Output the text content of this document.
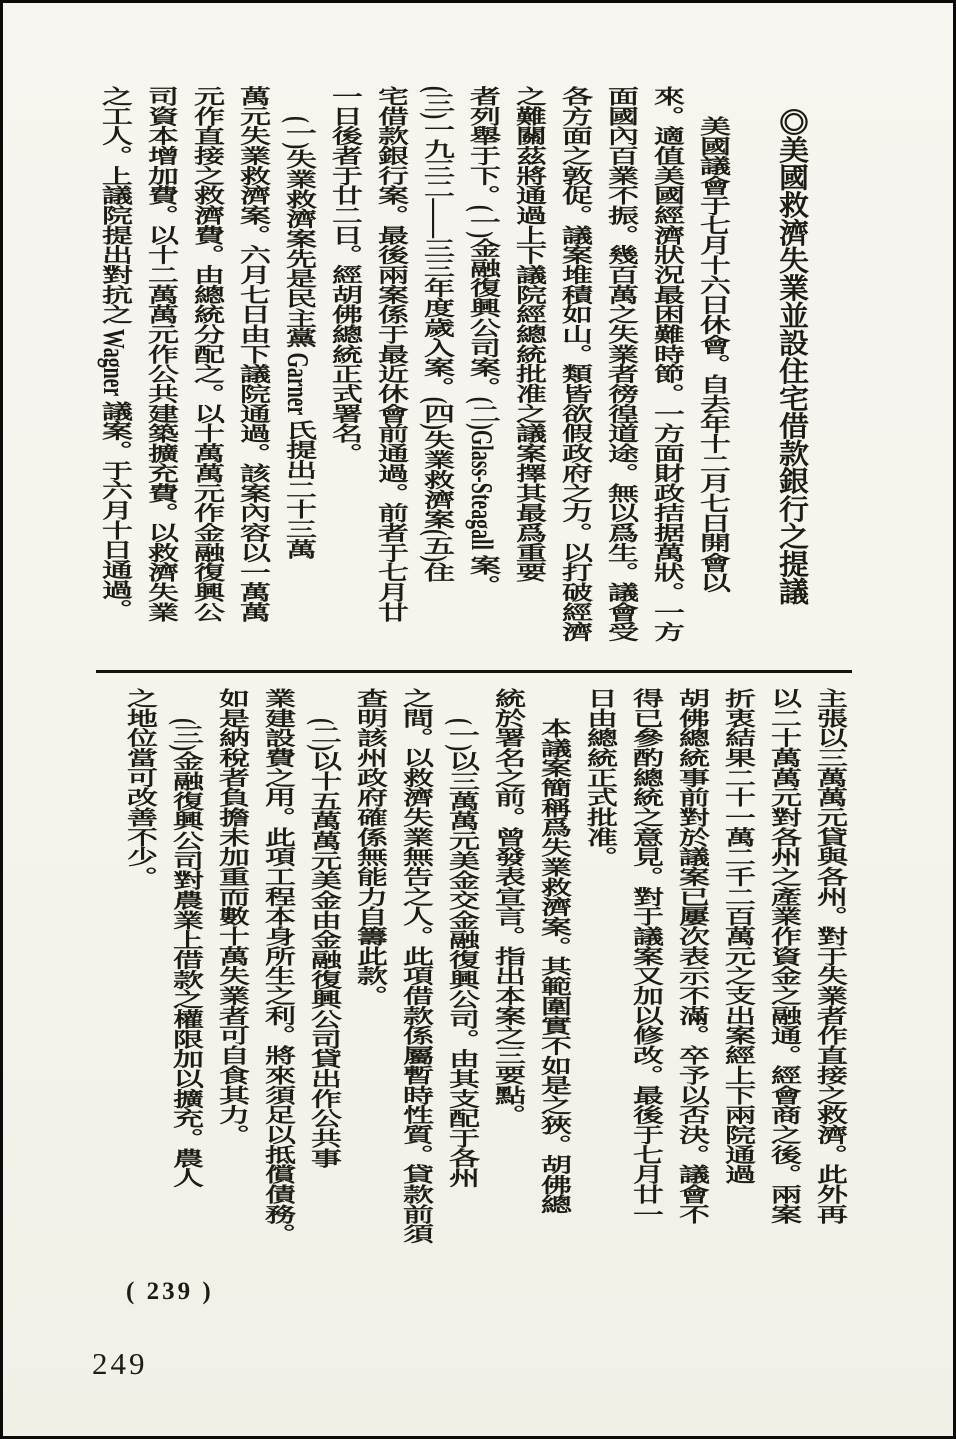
◎美國救濟失業並設住宅借款銀行之提議
美國議會于七月十六日休會。自去年十二月七日開會以
來。適值美國經濟狀況最困難時節。一方面財政拮据萬狀。一方
面國內百業不振。幾百萬之失業者徬徨道途。無以爲生。議會受
各方面之敦促。議案堆積如山。類皆欲假政府之力。以打破經濟
之難關茲將通過上下議院經總統批准之議案擇其最爲重要
者列舉于下。(一)金融復興公司案。(二)Glass-Steagall 案。
(三)一九三二——三三年度歲入案。(四)失業救濟案(五)住
宅借款銀行案。最後兩案係于最近休會前通過。前者于七月廿
一日後者于廿二日。經胡佛總統正式署名。
(一)失業救濟案先是民主黨 Garner 氏提出二十三萬
萬元失業救濟案。六月七日由下議院通過。該案內容以一萬萬
元作直接之救濟費。由總統分配之。以十萬萬元作金融復興公
司資本增加費。以十二萬萬元作公共建築擴充費。以救濟失業
之工人。上議院提出對抗之 Wagner 議案。于六月十日通過。
主張以三萬萬元貸與各州。對于失業者作直接之救濟。此外再
以二十萬萬元對各州之產業作資金之融通。經會商之後。兩案
折衷結果二十一萬二千二百萬元之支出案經上下兩院通過
胡佛總統事前對於議案已屢次表示不滿。卒予以否決。議會不
得已參酌總統之意見。對于議案又加以修改。最後于七月廿一
日由總統正式批准。
本議案簡稱爲失業救濟案。其範圍實不如是之狹。胡佛總
統於署名之前。曾發表宣言。指出本案之三要點。
(一)以三萬萬元美金交金融復興公司。由其支配于各州
之間。以救濟失業無告之人。此項借款係屬暫時性質。貸款前須
查明該州政府確係無能力自籌此款。
(二)以十五萬萬元美金由金融復興公司貸出作公共事
業建設費之用。此項工程本身所生之利。將來須足以抵償債務。
如是納稅者負擔未加重而數十萬失業者可自食其力。
(三)金融復興公司對農業上借款之權限加以擴充。農人
之地位當可改善不少。
( 239 )
249
